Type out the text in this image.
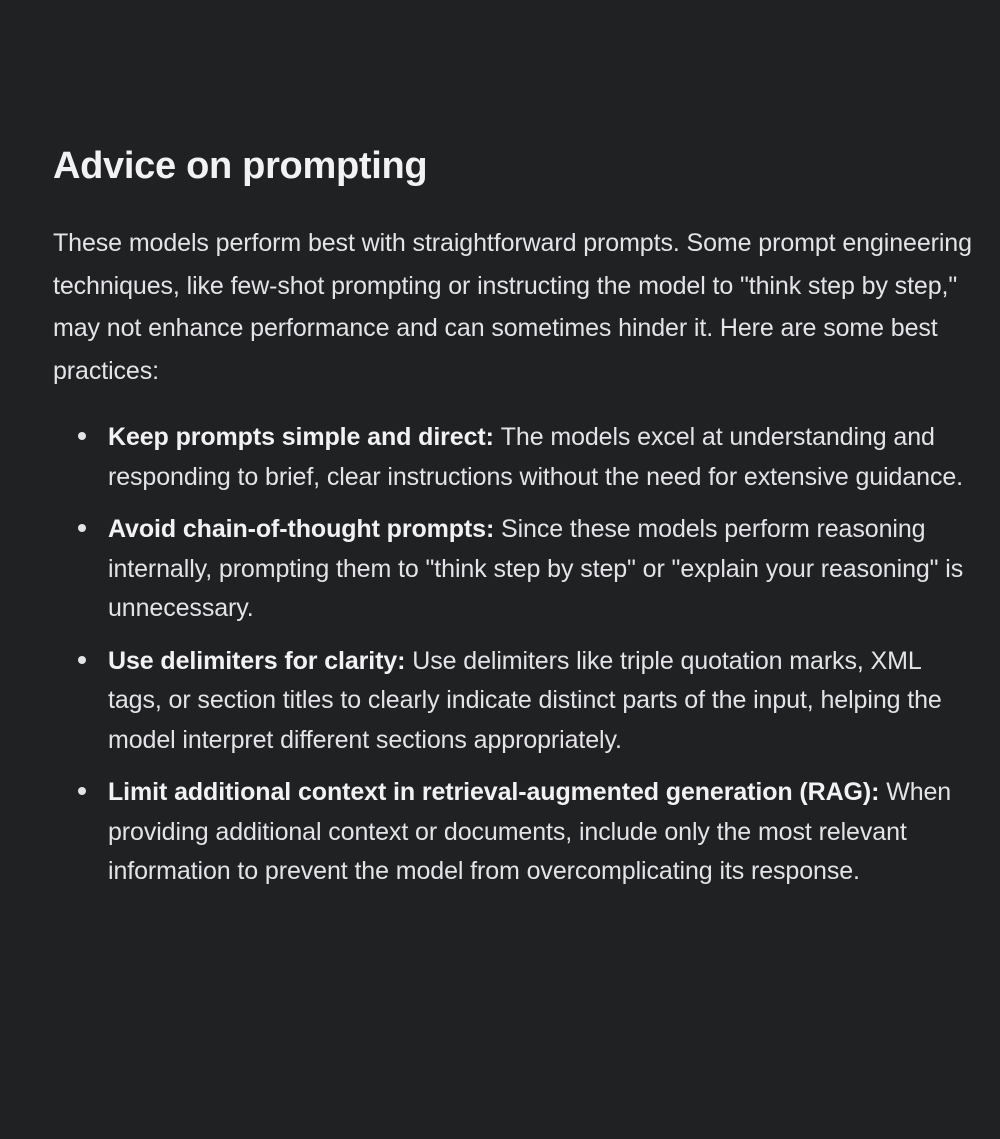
Advice on prompting

These models perform best with straightforward prompts. Some prompt engineering techniques, like few-shot prompting or instructing the model to "think step by step," may not enhance performance and can sometimes hinder it. Here are some best practices:

Keep prompts simple and direct: The models excel at understanding and responding to brief, clear instructions without the need for extensive guidance.
Avoid chain-of-thought prompts: Since these models perform reasoning internally, prompting them to "think step by step" or "explain your reasoning" is unnecessary.
Use delimiters for clarity: Use delimiters like triple quotation marks, XML tags, or section titles to clearly indicate distinct parts of the input, helping the model interpret different sections appropriately.
Limit additional context in retrieval-augmented generation (RAG): When providing additional context or documents, include only the most relevant information to prevent the model from overcomplicating its response.
